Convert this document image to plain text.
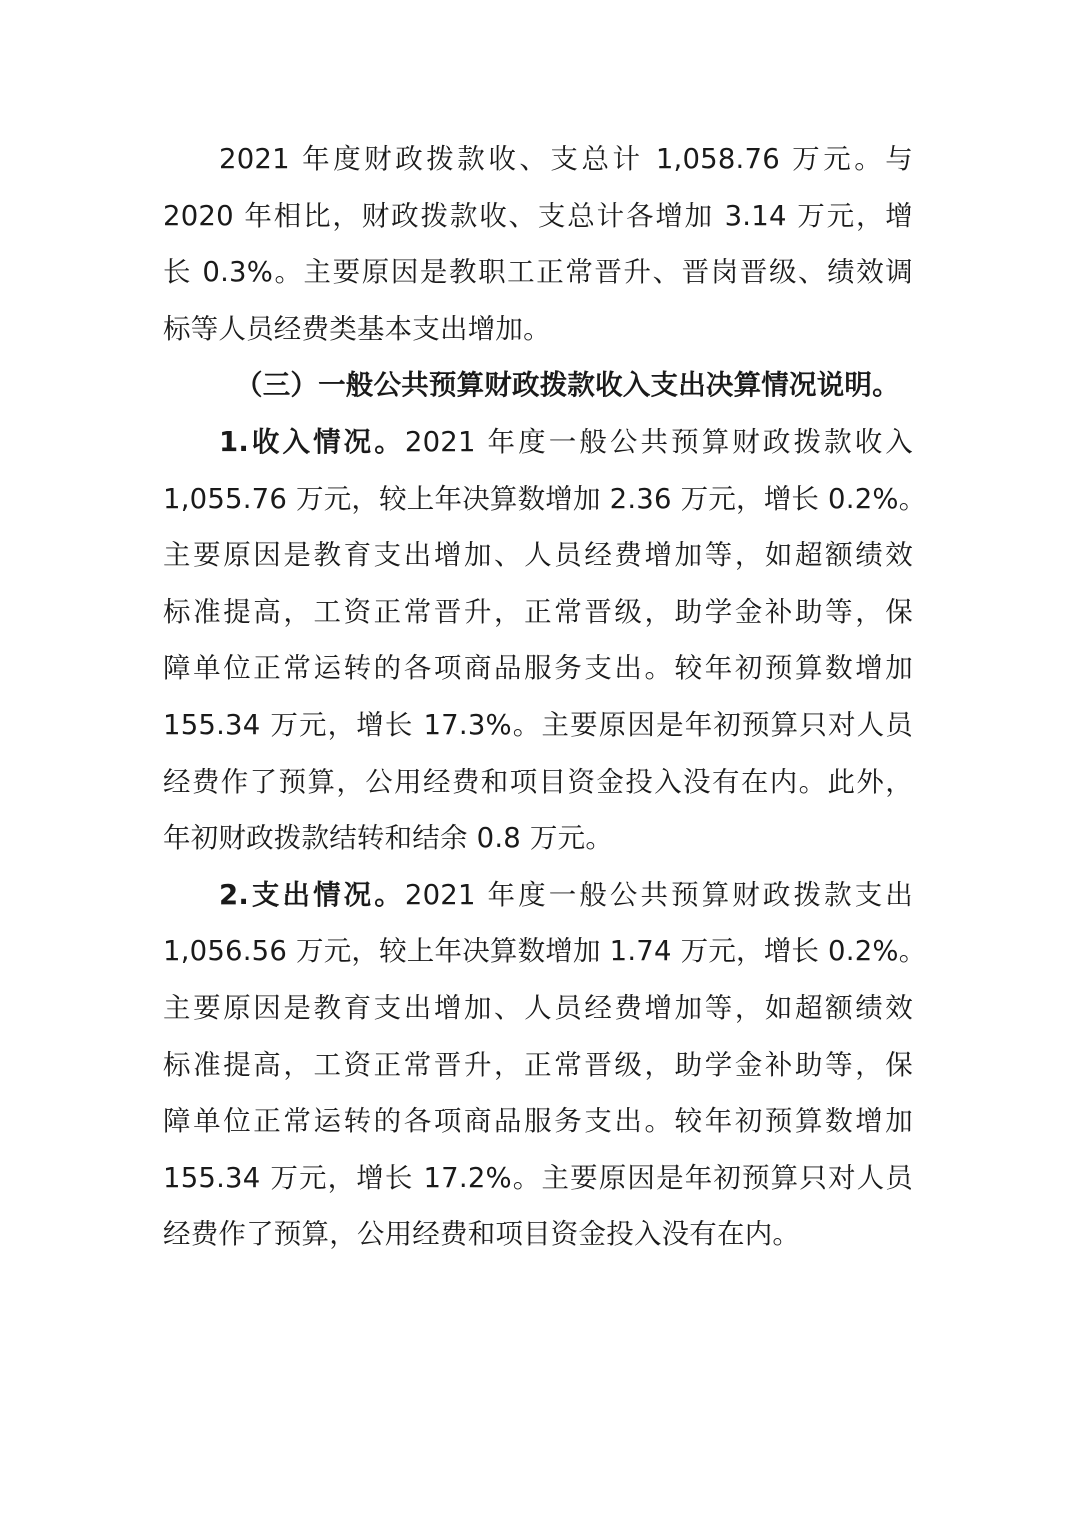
2021 年度财政拨款收、支总计 1,058.76 万元。与
2020 年相比，财政拨款收、支总计各增加 3.14 万元，增
长 0.3%。主要原因是教职工正常晋升、晋岗晋级、绩效调
标等人员经费类基本支出增加。
（三）一般公共预算财政拨款收入支出决算情况说明。
1.收入情况。2021 年度一般公共预算财政拨款收入
1,055.76 万元，较上年决算数增加 2.36 万元，增长 0.2%。
主要原因是教育支出增加、人员经费增加等，如超额绩效
标准提高，工资正常晋升，正常晋级，助学金补助等，保
障单位正常运转的各项商品服务支出。较年初预算数增加
155.34 万元，增长 17.3%。主要原因是年初预算只对人员
经费作了预算，公用经费和项目资金投入没有在内。此外，
年初财政拨款结转和结余 0.8 万元。
2.支出情况。2021 年度一般公共预算财政拨款支出
1,056.56 万元，较上年决算数增加 1.74 万元，增长 0.2%。
主要原因是教育支出增加、人员经费增加等，如超额绩效
标准提高，工资正常晋升，正常晋级，助学金补助等，保
障单位正常运转的各项商品服务支出。较年初预算数增加
155.34 万元，增长 17.2%。主要原因是年初预算只对人员
经费作了预算，公用经费和项目资金投入没有在内。
